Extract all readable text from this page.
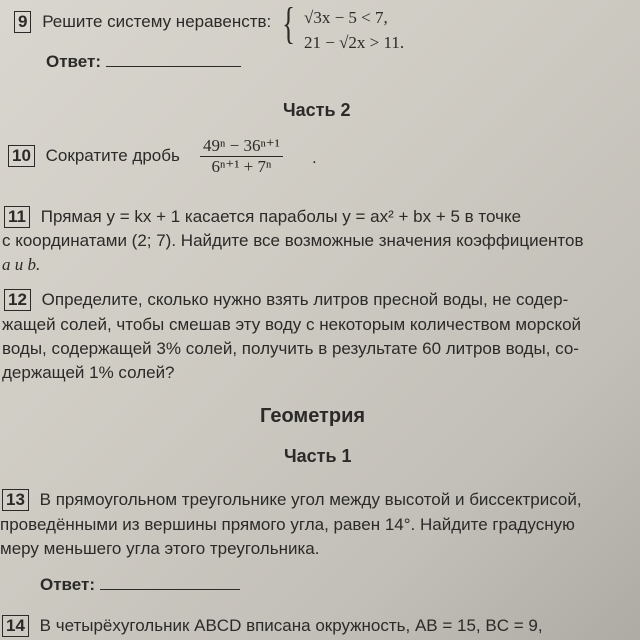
9 Решите систему неравенств: { √3x − 5 < 7,
21 − √2x > 11.
Ответ:
Часть 2
10 Сократите дробь $\frac{\text{49ⁿ − 36ⁿ⁺¹}}{\text{6ⁿ⁺¹ + 7ⁿ}}$ .
11 Прямая y = kx + 1 касается параболы y = ax² + bx + 5 в точке
с координатами (2; 7). Найдите все возможные значения коэффициентов
a и b.
12 Определите, сколько нужно взять литров пресной воды, не содер-
жащей солей, чтобы смешав эту воду с некоторым количеством морской
воды, содержащей 3% солей, получить в результате 60 литров воды, со-
держащей 1% солей?
Геометрия
Часть 1
13 В прямоугольном треугольнике угол между высотой и биссектрисой,
проведёнными из вершины прямого угла, равен 14°. Найдите градусную
меру меньшего угла этого треугольника.
Ответ:
14 В четырёхугольник ABCD вписана окружность, AB = 15, BC = 9,
